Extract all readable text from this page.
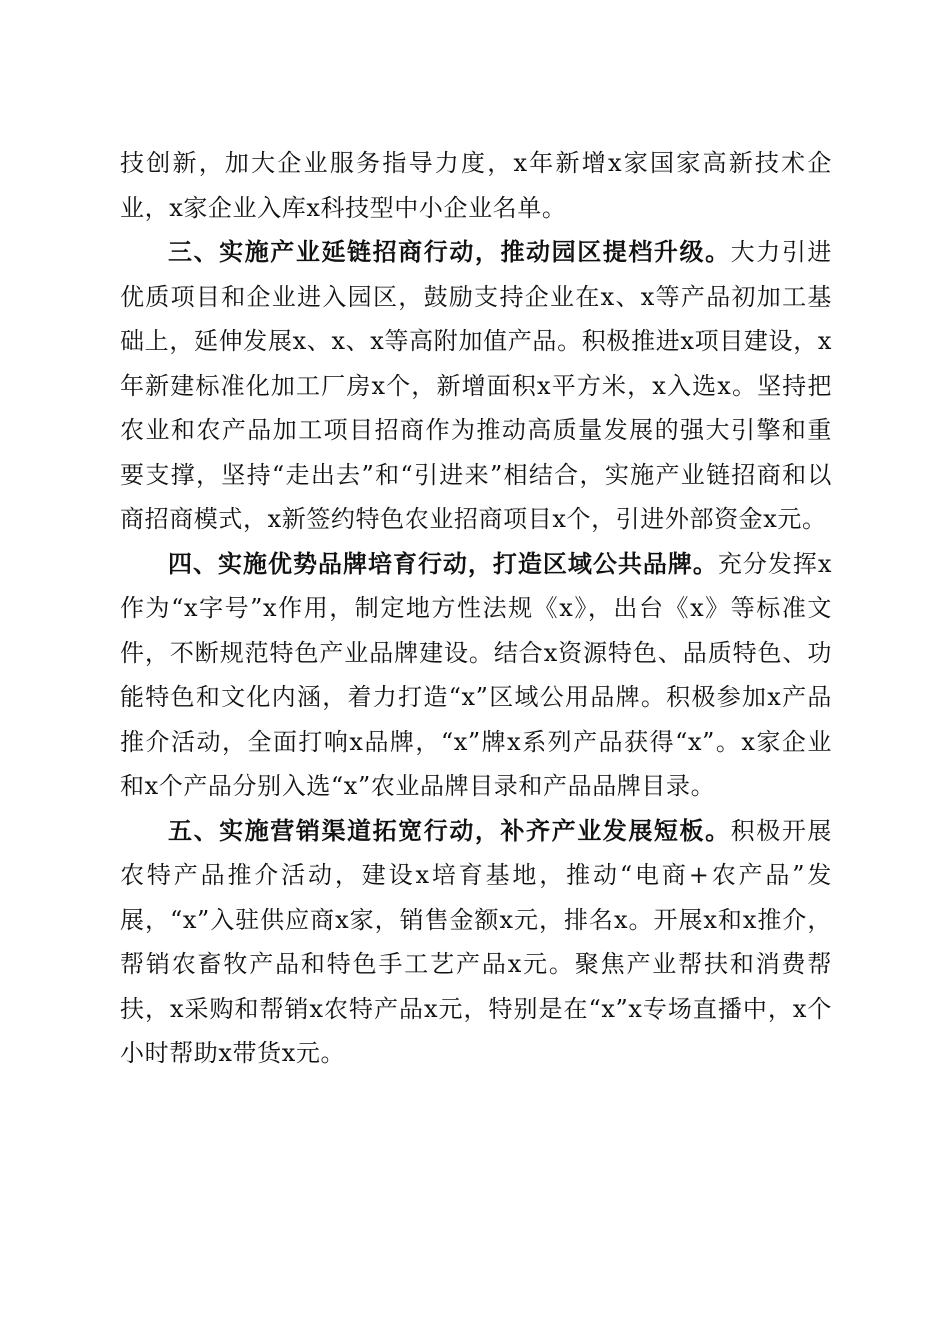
技创新，加大企业服务指导力度，x年新增x家国家高新技术企业，x家企业入库x科技型中小企业名单。

三、实施产业延链招商行动，推动园区提档升级。大力引进优质项目和企业进入园区，鼓励支持企业在x、x等产品初加工基础上，延伸发展x、x、x等高附加值产品。积极推进x项目建设，x年新建标准化加工厂房x个，新增面积x平方米，x入选x。坚持把农业和农产品加工项目招商作为推动高质量发展的强大引擎和重要支撑，坚持“走出去”和“引进来”相结合，实施产业链招商和以商招商模式，x新签约特色农业招商项目x个，引进外部资金x元。

四、实施优势品牌培育行动，打造区域公共品牌。充分发挥x作为“x字号”x作用，制定地方性法规《x》，出台《x》等标准文件，不断规范特色产业品牌建设。结合x资源特色、品质特色、功能特色和文化内涵，着力打造“x”区域公用品牌。积极参加x产品推介活动，全面打响x品牌，“x”牌x系列产品获得“x”。x家企业和x个产品分别入选“x”农业品牌目录和产品品牌目录。

五、实施营销渠道拓宽行动，补齐产业发展短板。积极开展农特产品推介活动，建设x培育基地，推动“电商+农产品”发展，“x”入驻供应商x家，销售金额x元，排名x。开展x和x推介，帮销农畜牧产品和特色手工艺产品x元。聚焦产业帮扶和消费帮扶，x采购和帮销x农特产品x元，特别是在“x”x专场直播中，x个小时帮助x带货x元。
